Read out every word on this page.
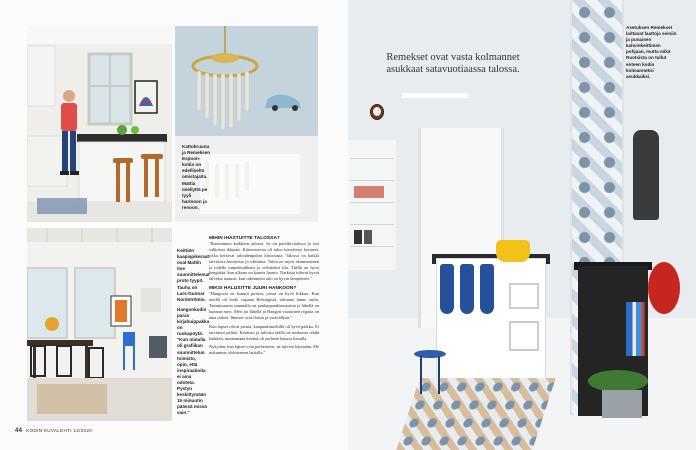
Kattokruunu ja Remeksen Espoon-kotiin on edelliseltä omistajalta. Mattia miellyttä pe tyyli harmoon ja renoon.
Keittiön kaapiapikeraat oval Mattin itse suunnittelemat proto tyypit. Tauhu on Lars-Gunnar Nordströmin.
Hangonkodin paras kirjahuippakka on ruokapöytä. "Kun minulla oli grafiikan suunnittelun toimisto, opin, että inspiraatioita ei aina odoteta. Pystyn keskittymään 15 minuutin päässä missä vain."
MIHIN IHASTUITTE TALOSSA?

"Ihastuimme kaikkeen talossa. Se on puolikivitaloon ja isot valkoiset ikkunat. Kiinnostavaa oli talon kierrätetyt huoneet, jotka kertovat taloudenpidon historiasta. Talossa on kaikki tarvittava huoneisto jo valmiina. Talon on myös ekumeeninen ja todella tunnelmallinen ja viehättävä tila. Täällä on hyvä hengittää, kun ulkona on kaunis luonto. Narkista tulevat hyvät talveksi taatusti, kun rakennettu talo on hyvin lämpöinen."

MIKSI HALUSITTE JUURI HANKOON?

"Hangossa on kauniit puistot, joissa on hyvä liikkua. Kun meillä oli hetki vapaata Helsingistä, tulimme tänne usein. Tammisaaren suunnalla on puukaupunkiasumista ja lähellä on kunnon meri. Meri on lähellä ja Hangon vuotuinen regatta on aina tärkeä. Ihmiset ovat iloisia ja ystävällisiä."

Kun lapset olivat pieniä, kaupunkimiehillä oli hyvä paikka. Ei tarvinnut pelätä. Kesäisin ja talvisin täällä on mukavaa tehdä kaikkea, muutamana kesänä oli perheen kanssa lomalla.

Nykyään, kun lapset ovat perheineen, ne tulevat käymään. Me nukumme olohuoneen lattialla."

44 KODIN KUVALEHTI 12/2020
Remekset ovat vasta kolmannet asukkaat satavuotiaassa talossa.
Asetuksen Remekset laittavat laattoja seiniin ja punaisen kahvinkeittimen pohjaan, mutta mikä Ruotsista on tullut enteen kodin kolmanneksi asukkaiksi.
